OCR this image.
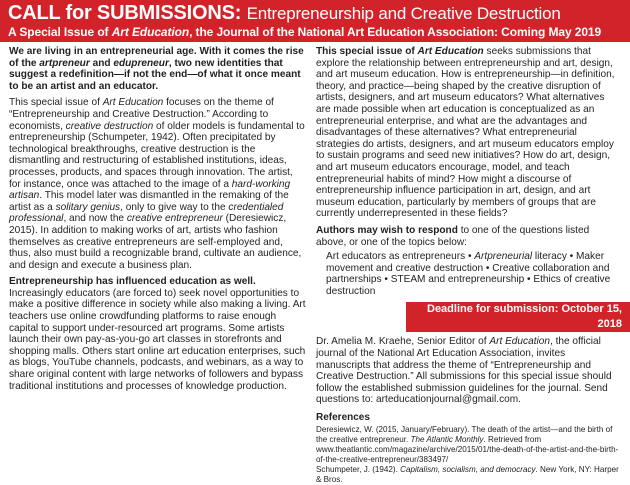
CALL for SUBMISSIONS: Entrepreneurship and Creative Destruction
A Special Issue of Art Education, the Journal of the National Art Education Association: Coming May 2019

We are living in an entrepreneurial age. With it comes the rise of the artpreneur and edupreneur, two new identities that suggest a redefinition—if not the end—of what it once meant to be an artist and an educator.

This special issue of Art Education focuses on the theme of “Entrepreneurship and Creative Destruction.” According to economists, creative destruction of older models is fundamental to entrepreneurship (Schumpeter, 1942). Often precipitated by technological breakthroughs, creative destruction is the dismantling and restructuring of established institutions, ideas, processes, products, and spaces through innovation. The artist, for instance, once was attached to the image of a hard-working artisan. This model later was dismantled in the remaking of the artist as a solitary genius, only to give way to the credentialed professional, and now the creative entrepreneur (Deresiewicz, 2015). In addition to making works of art, artists who fashion themselves as creative entrepreneurs are self-employed and, thus, also must build a recognizable brand, cultivate an audience, and design and execute a business plan.

Entrepreneurship has influenced education as well. Increasingly educators (are forced to) seek novel opportunities to make a positive difference in society while also making a living. Art teachers use online crowdfunding platforms to raise enough capital to support under-resourced art programs. Some artists launch their own pay-as-you-go art classes in storefronts and shopping malls. Others start online art education enterprises, such as blogs, YouTube channels, podcasts, and webinars, as a way to share original content with large networks of followers and bypass traditional institutions and processes of knowledge production.

This special issue of Art Education seeks submissions that explore the relationship between entrepreneurship and art, design, and art museum education. How is entrepreneurship—in definition, theory, and practice—being shaped by the creative disruption of artists, designers, and art museum educators? What alternatives are made possible when art education is conceptualized as an entrepreneurial enterprise, and what are the advantages and disadvantages of these alternatives? What entrepreneurial strategies do artists, designers, and art museum educators employ to sustain programs and seed new initiatives? How do art, design, and art museum educators encourage, model, and teach entrepreneurial habits of mind? How might a discourse of entrepreneurship influence participation in art, design, and art museum education, particularly by members of groups that are currently underrepresented in these fields?

Authors may wish to respond to one of the questions listed above, or one of the topics below:

Art educators as entrepreneurs • Artpreneurial literacy • Maker movement and creative destruction • Creative collaboration and partnerships • STEAM and entrepreneurship • Ethics of creative destruction

Deadline for submission: October 15, 2018

Dr. Amelia M. Kraehe, Senior Editor of Art Education, the official journal of the National Art Education Association, invites manuscripts that address the theme of “Entrepreneurship and Creative Destruction.” All submissions for this special issue should follow the established submission guidelines for the journal. Send questions to: arteducationjournal@gmail.com.

References
Deresiewicz, W. (2015, January/February). The death of the artist—and the birth of the creative entrepreneur. The Atlantic Monthly. Retrieved from www.theatlantic.com/magazine/archive/2015/01/the-death-of-the-artist-and-the-birth-of-the-creative-entrepreneur/383497/
Schumpeter, J. (1942). Capitalism, socialism, and democracy. New York, NY: Harper & Bros.
